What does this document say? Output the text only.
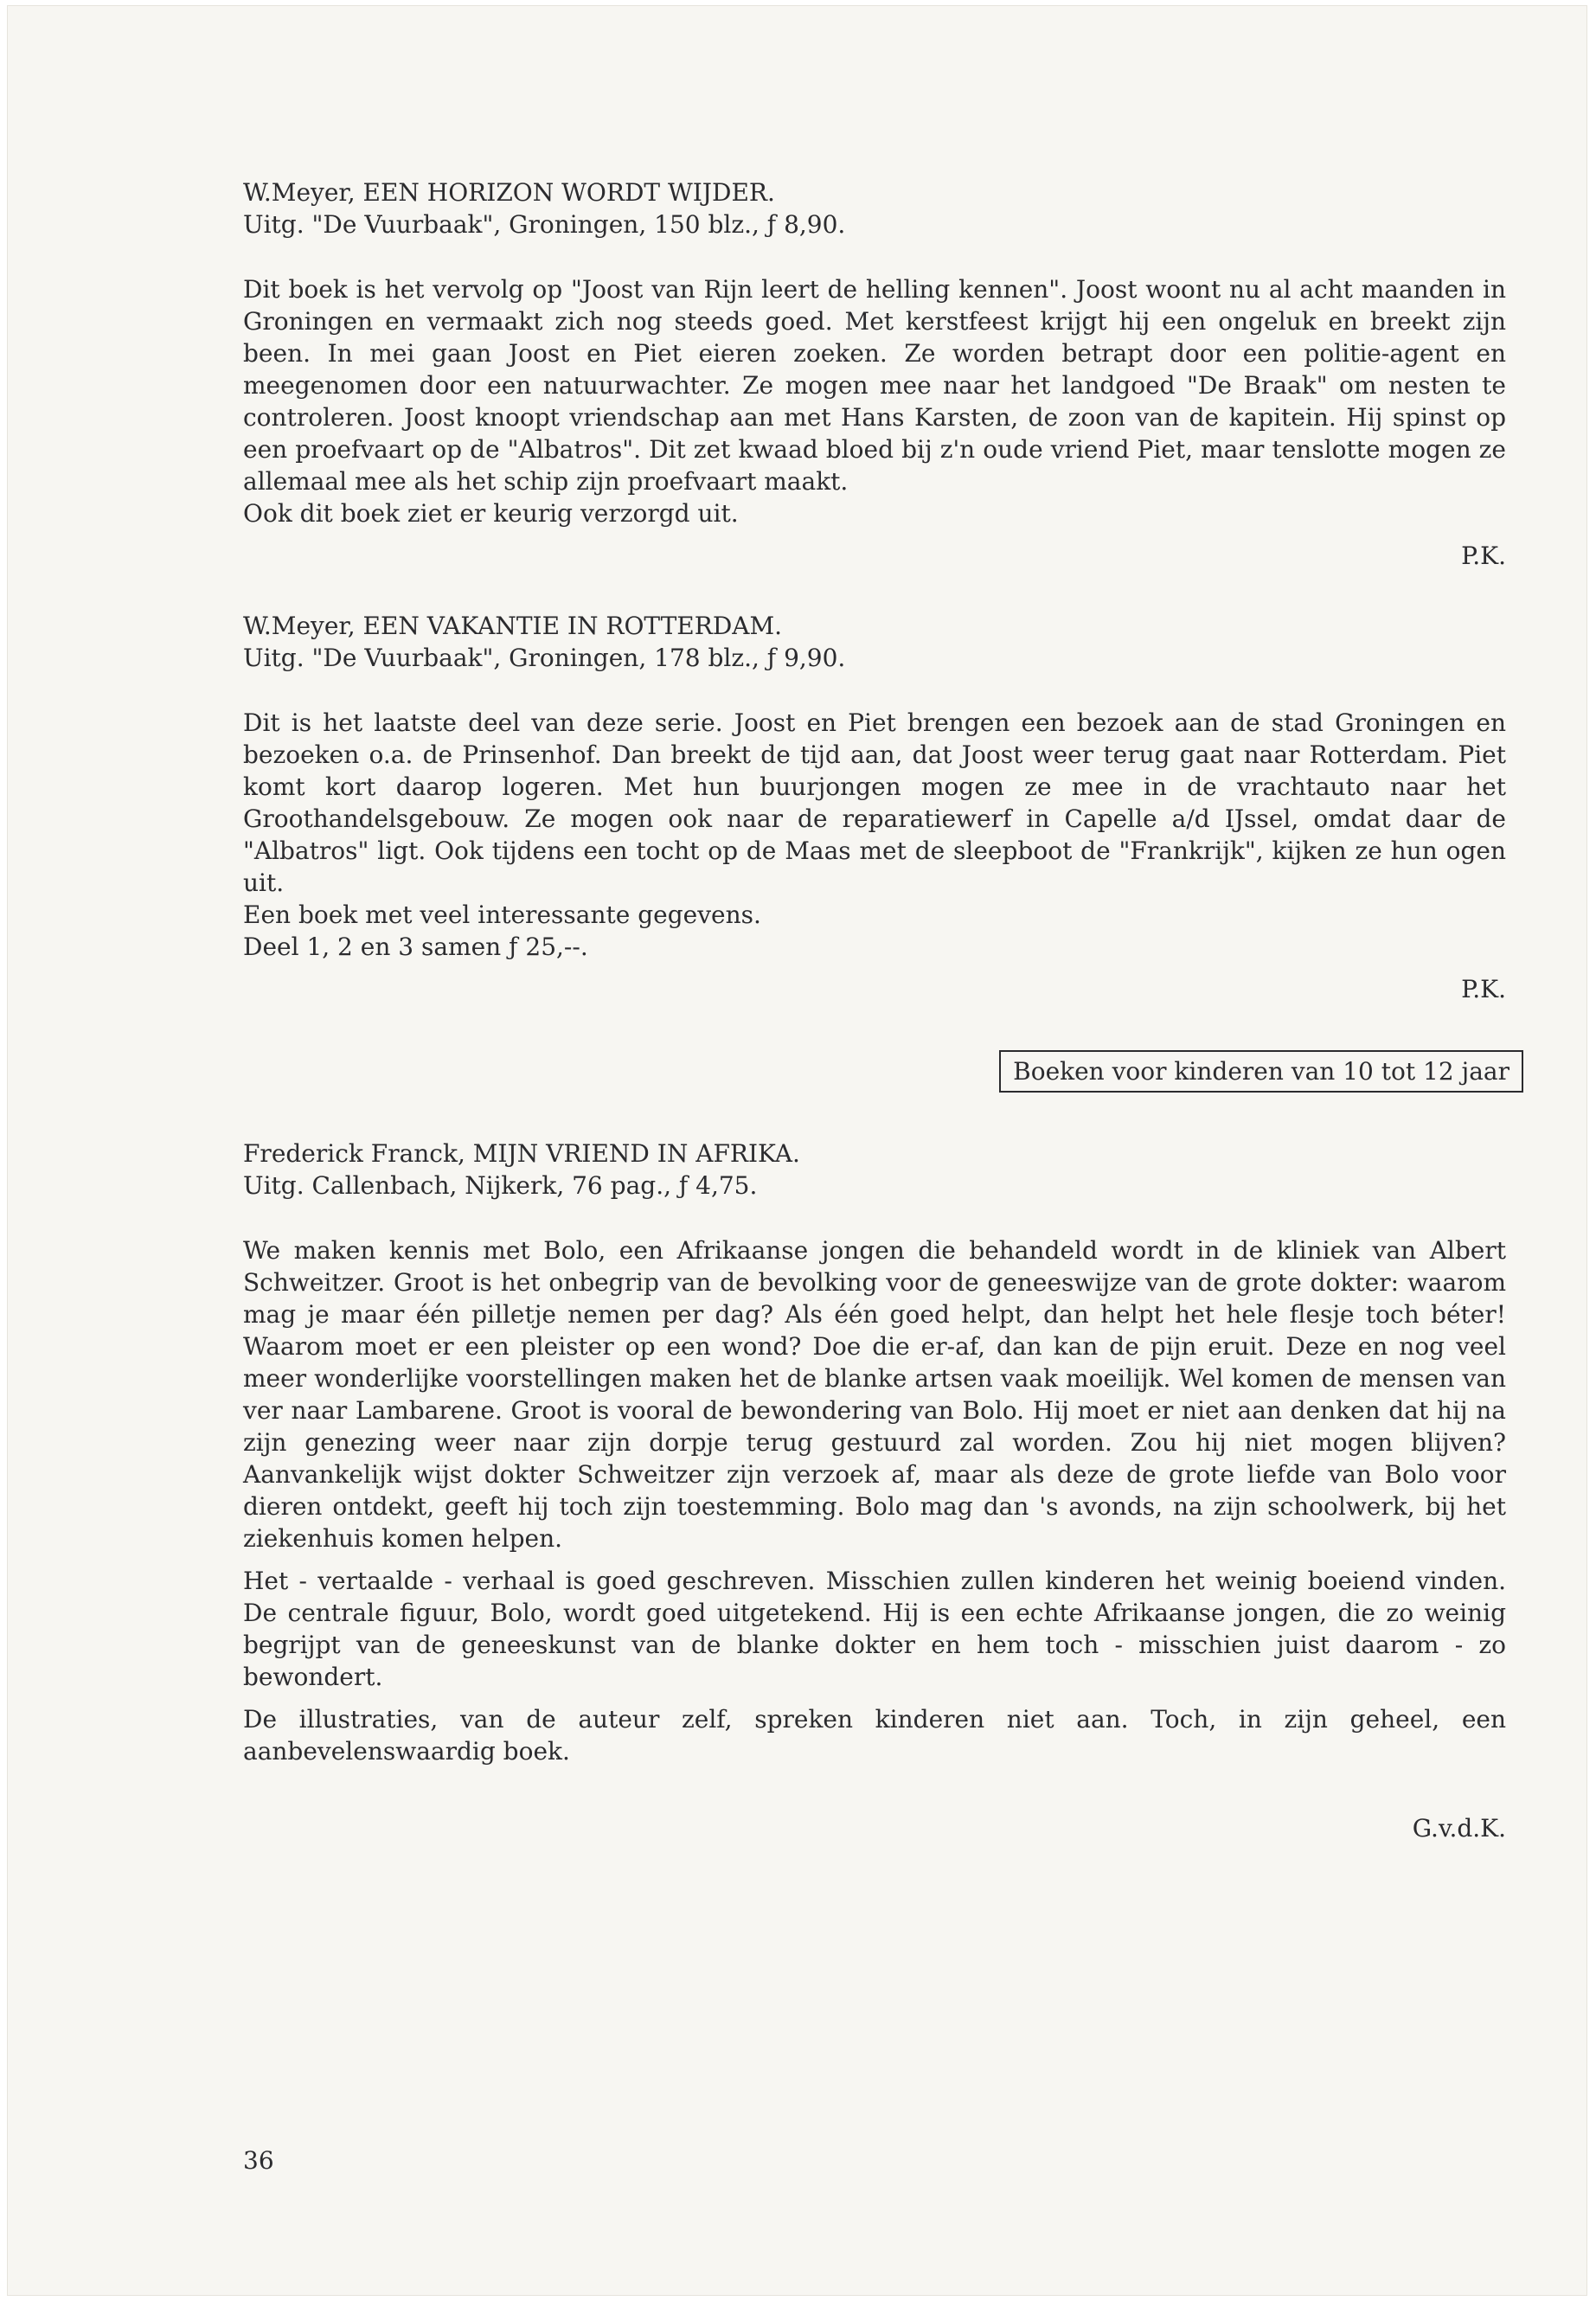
W.Meyer, EEN HORIZON WORDT WIJDER.

Uitg. "De Vuurbaak", Groningen, 150 blz., ƒ 8,90.

Dit boek is het vervolg op "Joost van Rijn leert de helling kennen". Joost woont nu al acht maanden in Groningen en vermaakt zich nog steeds goed. Met kerstfeest krijgt hij een ongeluk en breekt zijn been. In mei gaan Joost en Piet eieren zoeken. Ze worden betrapt door een politie-agent en meegenomen door een natuurwachter. Ze mogen mee naar het landgoed "De Braak" om nesten te controleren. Joost knoopt vriendschap aan met Hans Karsten, de zoon van de kapitein. Hij spinst op een proefvaart op de "Albatros". Dit zet kwaad bloed bij z'n oude vriend Piet, maar tenslotte mogen ze allemaal mee als het schip zijn proefvaart maakt.

Ook dit boek ziet er keurig verzorgd uit.

P.K.

W.Meyer, EEN VAKANTIE IN ROTTERDAM.

Uitg. "De Vuurbaak", Groningen, 178 blz., ƒ 9,90.

Dit is het laatste deel van deze serie. Joost en Piet brengen een bezoek aan de stad Groningen en bezoeken o.a. de Prinsenhof. Dan breekt de tijd aan, dat Joost weer terug gaat naar Rotterdam. Piet komt kort daarop logeren. Met hun buurjongen mogen ze mee in de vrachtauto naar het Groothandelsgebouw. Ze mogen ook naar de reparatiewerf in Capelle a/d IJssel, omdat daar de "Albatros" ligt. Ook tijdens een tocht op de Maas met de sleepboot de "Frankrijk", kijken ze hun ogen uit.

Een boek met veel interessante gegevens.

Deel 1, 2 en 3 samen ƒ 25,--.

P.K.

Boeken voor kinderen van 10 tot 12 jaar

Frederick Franck, MIJN VRIEND IN AFRIKA.

Uitg. Callenbach, Nijkerk, 76 pag., ƒ 4,75.

We maken kennis met Bolo, een Afrikaanse jongen die behandeld wordt in de kliniek van Albert Schweitzer. Groot is het onbegrip van de bevolking voor de geneeswijze van de grote dokter: waarom mag je maar één pilletje nemen per dag? Als één goed helpt, dan helpt het hele flesje toch béter! Waarom moet er een pleister op een wond? Doe die er-af, dan kan de pijn eruit. Deze en nog veel meer wonderlijke voorstellingen maken het de blanke artsen vaak moeilijk. Wel komen de mensen van ver naar Lambarene. Groot is vooral de bewondering van Bolo. Hij moet er niet aan denken dat hij na zijn genezing weer naar zijn dorpje terug gestuurd zal worden. Zou hij niet mogen blijven? Aanvankelijk wijst dokter Schweitzer zijn verzoek af, maar als deze de grote liefde van Bolo voor dieren ontdekt, geeft hij toch zijn toestemming. Bolo mag dan 's avonds, na zijn schoolwerk, bij het ziekenhuis komen helpen.

Het - vertaalde - verhaal is goed geschreven. Misschien zullen kinderen het weinig boeiend vinden. De centrale figuur, Bolo, wordt goed uitgetekend. Hij is een echte Afrikaanse jongen, die zo weinig begrijpt van de geneeskunst van de blanke dokter en hem toch - misschien juist daarom - zo bewondert.

De illustraties, van de auteur zelf, spreken kinderen niet aan. Toch, in zijn geheel, een aanbevelenswaardig boek.

G.v.d.K.

36
